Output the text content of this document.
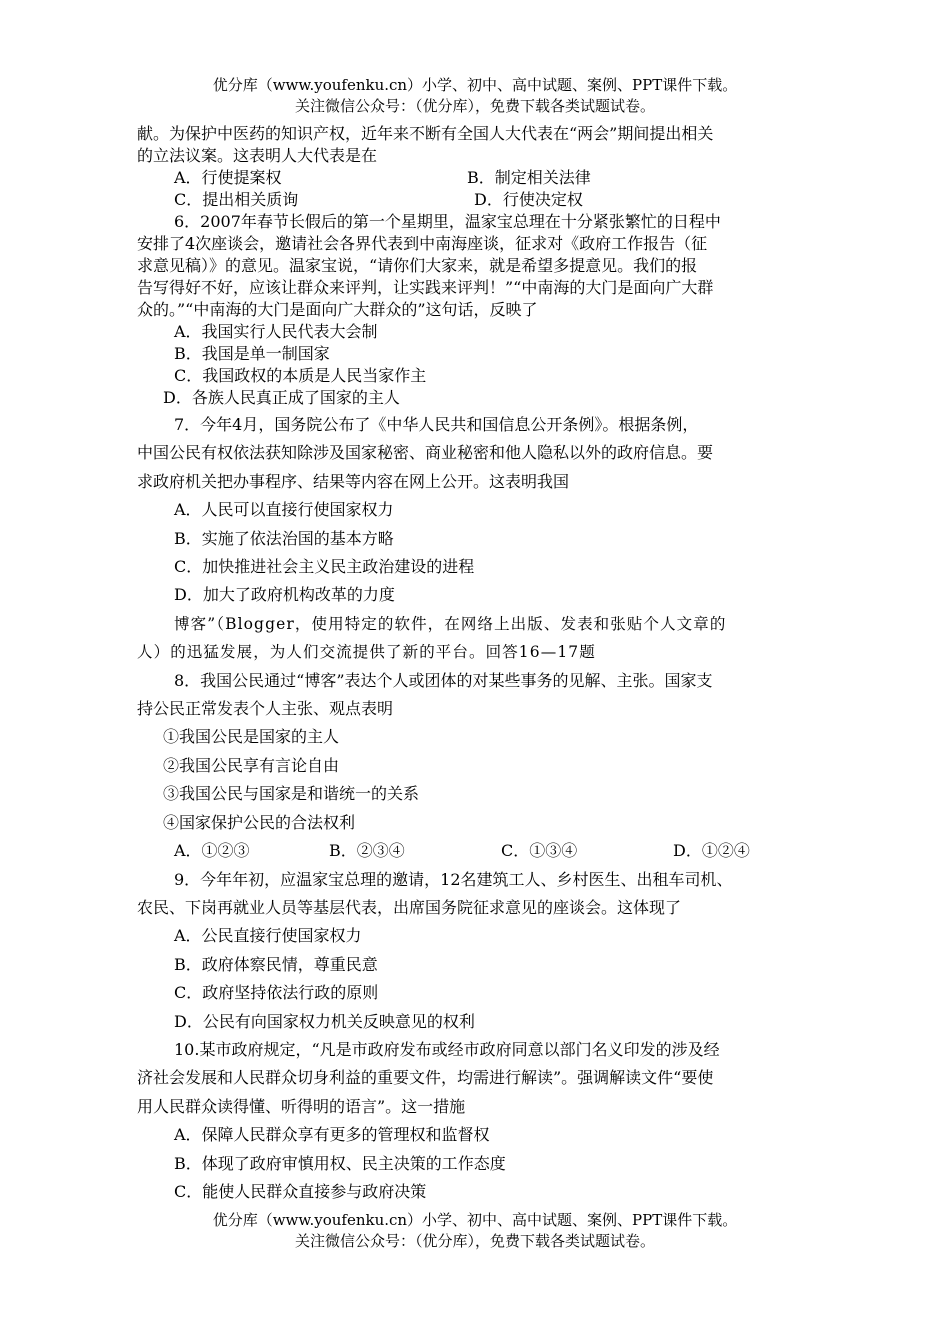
优分库（www.youfenku.cn）小学、初中、高中试题、案例、PPT课件下载。
关注微信公众号：（优分库），免费下载各类试题试卷。
献。为保护中医药的知识产权，近年来不断有全国人大代表在“两会”期间提出相关
的立法议案。这表明人大代表是在
A．行使提案权	B．制定相关法律
C．提出相关质询	D．行使决定权
6．2007年春节长假后的第一个星期里，温家宝总理在十分紧张繁忙的日程中
安排了4次座谈会，邀请社会各界代表到中南海座谈，征求对《政府工作报告（征
求意见稿）》的意见。温家宝说，“请你们大家来，就是希望多提意见。我们的报
告写得好不好，应该让群众来评判，让实践来评判！”“中南海的大门是面向广大群
众的。”“中南海的大门是面向广大群众的”这句话，反映了
A．我国实行人民代表大会制
B．我国是单一制国家
C．我国政权的本质是人民当家作主
D．各族人民真正成了国家的主人
7．今年4月，国务院公布了《中华人民共和国信息公开条例》。根据条例，
中国公民有权依法获知除涉及国家秘密、商业秘密和他人隐私以外的政府信息。要
求政府机关把办事程序、结果等内容在网上公开。这表明我国
A．人民可以直接行使国家权力
B．实施了依法治国的基本方略
C．加快推进社会主义民主政治建设的进程
D．加大了政府机构改革的力度
博客”（Blogger，使用特定的软件，在网络上出版、发表和张贴个人文章的
人）的迅猛发展，为人们交流提供了新的平台。回答16—17题
8．我国公民通过“博客”表达个人或团体的对某些事务的见解、主张。国家支
持公民正常发表个人主张、观点表明
①我国公民是国家的主人
②我国公民享有言论自由
③我国公民与国家是和谐统一的关系
④国家保护公民的合法权利
A．①②③	B．②③④	C．①③④	D．①②④
9．今年年初，应温家宝总理的邀请，12名建筑工人、乡村医生、出租车司机、
农民、下岗再就业人员等基层代表，出席国务院征求意见的座谈会。这体现了
A．公民直接行使国家权力
B．政府体察民情，尊重民意
C．政府坚持依法行政的原则
D．公民有向国家权力机关反映意见的权利
10.某市政府规定，“凡是市政府发布或经市政府同意以部门名义印发的涉及经
济社会发展和人民群众切身利益的重要文件，均需进行解读”。强调解读文件“要使
用人民群众读得懂、听得明的语言”。这一措施
A．保障人民群众享有更多的管理权和监督权
B．体现了政府审慎用权、民主决策的工作态度
C．能使人民群众直接参与政府决策
优分库（www.youfenku.cn）小学、初中、高中试题、案例、PPT课件下载。
关注微信公众号：（优分库），免费下载各类试题试卷。
